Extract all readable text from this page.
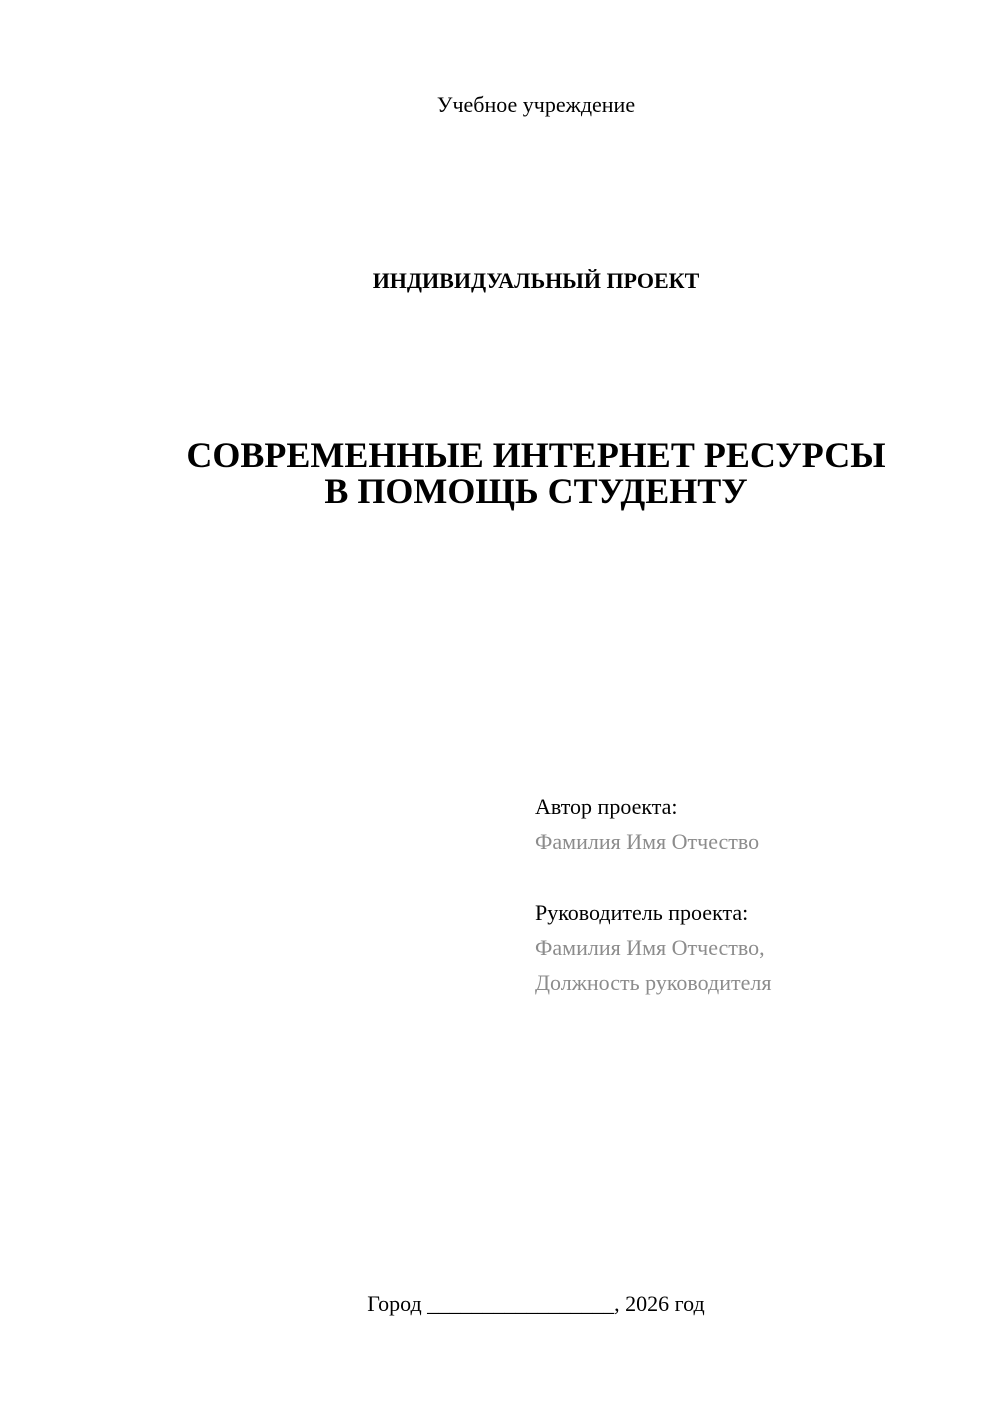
Учебное учреждение
ИНДИВИДУАЛЬНЫЙ ПРОЕКТ
СОВРЕМЕННЫЕ ИНТЕРНЕТ РЕСУРСЫ
В ПОМОЩЬ СТУДЕНТУ
Автор проекта:
Фамилия Имя Отчество
Руководитель проекта:
Фамилия Имя Отчество,
Должность руководителя
Город _________________, 2026 год
